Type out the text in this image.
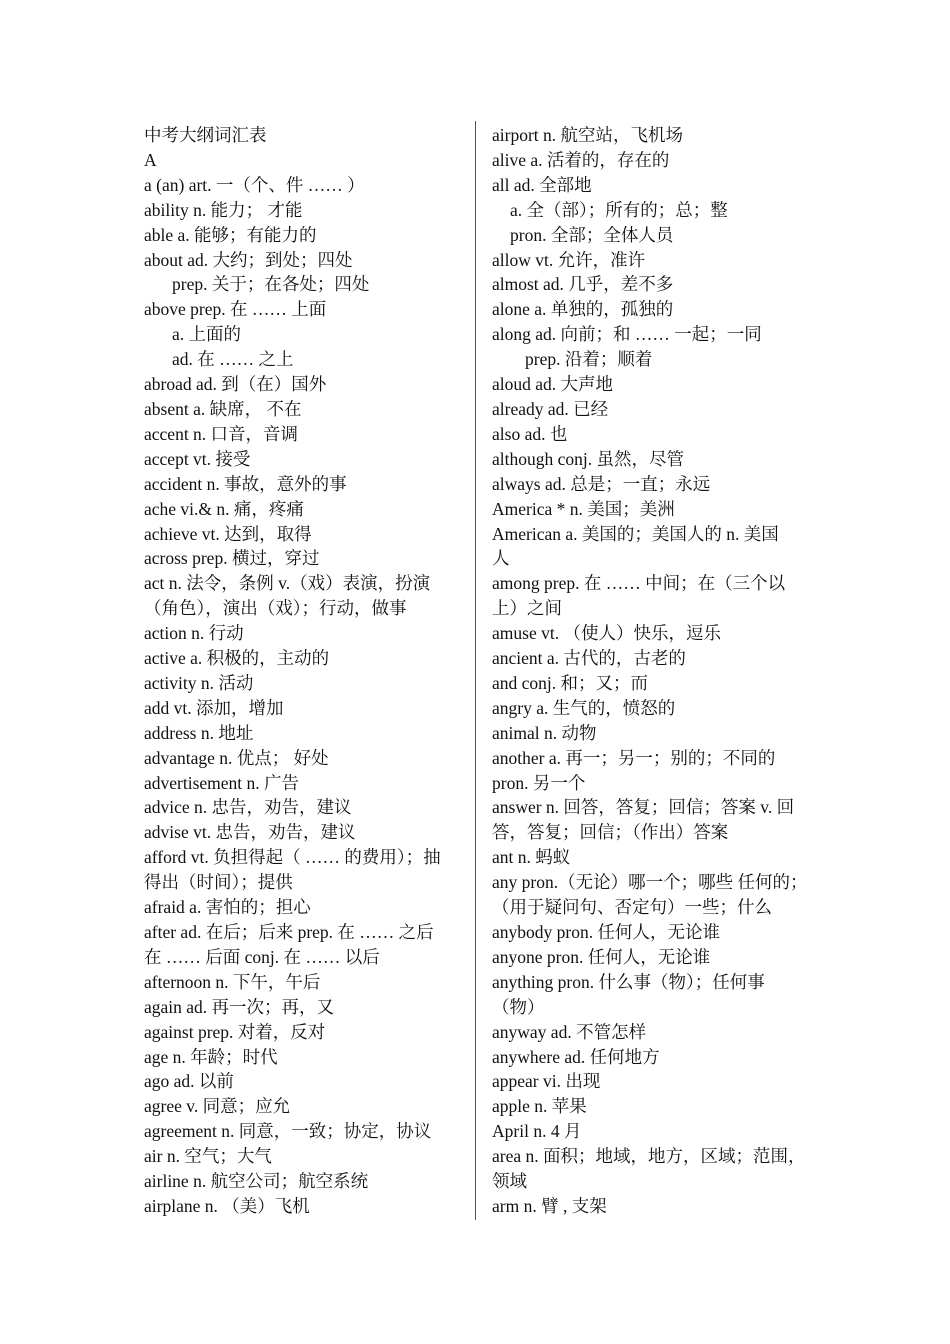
中考大纲词汇表
A
a (an) art. 一（个、件 …… ）
ability n. 能力； 才能
able a. 能够；有能力的
about ad. 大约；到处；四处
prep. 关于；在各处；四处
above prep. 在 …… 上面
a. 上面的
ad. 在 …… 之上
abroad ad. 到（在）国外
absent a. 缺席， 不在
accent n. 口音，音调
accept vt. 接受
accident n. 事故，意外的事
ache vi.& n. 痛，疼痛
achieve vt. 达到，取得
across prep. 横过，穿过
act n. 法令，条例 v.（戏）表演，扮演
（角色），演出（戏）；行动，做事
action n. 行动
active a. 积极的，主动的
activity n. 活动
add vt. 添加，增加
address n. 地址
advantage n. 优点； 好处
advertisement n. 广告
advice n. 忠告，劝告，建议
advise vt. 忠告，劝告，建议
afford vt. 负担得起（ …… 的费用）；抽
得出（时间）；提供
afraid a. 害怕的；担心
after ad. 在后；后来 prep. 在 …… 之后
在 …… 后面 conj. 在 …… 以后
afternoon n. 下午，午后
again ad. 再一次；再，又
against prep. 对着，反对
age n. 年龄；时代
ago ad. 以前
agree v. 同意；应允
agreement n. 同意，一致；协定，协议
air n. 空气；大气
airline n. 航空公司；航空系统
airplane n. （美）飞机
airport n. 航空站，飞机场
alive a. 活着的，存在的
all ad. 全部地
a. 全（部）；所有的；总；整
pron. 全部；全体人员
allow vt. 允许，准许
almost ad. 几乎，差不多
alone a. 单独的，孤独的
along ad. 向前；和 …… 一起；一同
prep. 沿着；顺着
aloud ad. 大声地
already ad. 已经
also ad. 也
although conj. 虽然，尽管
always ad. 总是；一直；永远
America * n. 美国；美洲
American a. 美国的；美国人的 n. 美国
人
among prep. 在 …… 中间；在（三个以
上）之间
amuse vt. （使人）快乐，逗乐
ancient a. 古代的，古老的
and conj. 和；又；而
angry a. 生气的，愤怒的
animal n. 动物
another a. 再一；另一；别的；不同的
pron. 另一个
answer n. 回答，答复；回信；答案 v. 回
答，答复；回信；（作出）答案
ant n. 蚂蚁
any pron.（无论）哪一个；哪些 任何的；
（用于疑问句、否定句）一些；什么
anybody pron. 任何人，无论谁
anyone pron. 任何人，无论谁
anything pron. 什么事（物）；任何事
（物）
anyway ad. 不管怎样
anywhere ad. 任何地方
appear vi. 出现
apple n. 苹果
April n. 4 月
area n. 面积；地域，地方，区域；范围，
领域
arm n. 臂 , 支架
